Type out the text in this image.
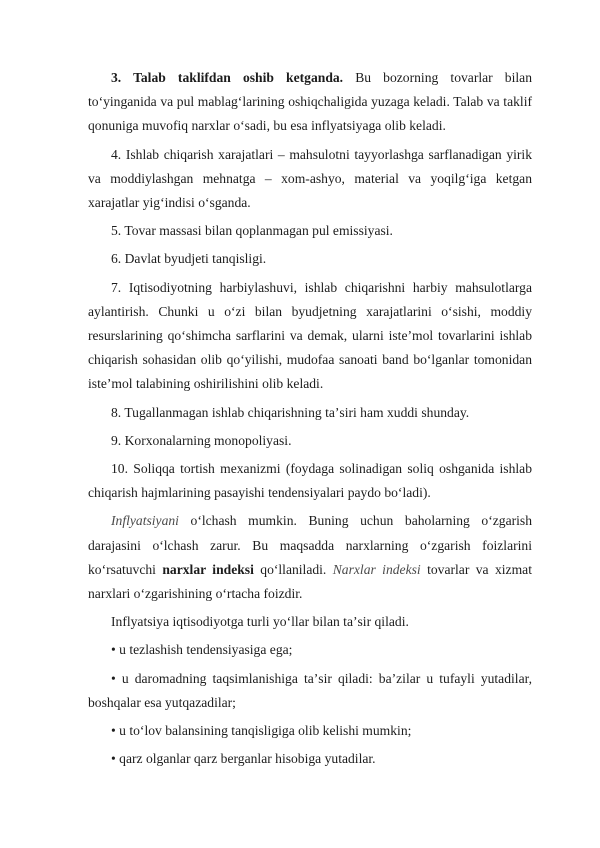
3. Talab taklifdan oshib ketganda. Bu bozorning tovarlar bilan toʻyinganida va pul mablagʻlarining oshiqchaligida yuzaga keladi. Talab va taklif qonuniga muvofiq narxlar oʻsadi, bu esa inflyatsiyaga olib keladi.

4. Ishlab chiqarish xarajatlari – mahsulotni tayyorlashga sarflanadigan yirik va moddiylashgan mehnatga – xom-ashyo, material va yoqilgʻiga ketgan xarajatlar yigʻindisi oʻsganda.

5. Tovar massasi bilan qoplanmagan pul emissiyasi.

6. Davlat byudjeti tanqisligi.

7. Iqtisodiyotning harbiylashuvi, ishlab chiqarishni harbiy mahsulotlarga aylantirish. Chunki u oʻzi bilan byudjetning xarajatlarini oʻsishi, moddiy resurslarining qoʻshimcha sarflarini va demak, ularni isteʼmol tovarlarini ishlab chiqarish sohasidan olib qoʻyilishi, mudofaa sanoati band boʻlganlar tomonidan isteʼmol talabining oshirilishini olib keladi.

8. Tugallanmagan ishlab chiqarishning taʼsiri ham xuddi shunday.

9. Korxonalarning monopoliyasi.

10. Soliqqa tortish mexanizmi (foydaga solinadigan soliq oshganida ishlab chiqarish hajmlarining pasayishi tendensiyalari paydo boʻladi).

Inflyatsiyani oʻlchash mumkin. Buning uchun baholarning oʻzgarish darajasini oʻlchash zarur. Bu maqsadda narxlarning oʻzgarish foizlarini koʻrsatuvchi narxlar indeksi qoʻllaniladi. Narxlar indeksi tovarlar va xizmat narxlari oʻzgarishining oʻrtacha foizdir.

Inflyatsiya iqtisodiyotga turli yoʻllar bilan taʼsir qiladi.

• u tezlashish tendensiyasiga ega;

• u daromadning taqsimlanishiga taʼsir qiladi: baʼzilar u tufayli yutadilar, boshqalar esa yutqazadilar;

• u toʻlov balansining tanqisligiga olib kelishi mumkin;

• qarz olganlar qarz berganlar hisobiga yutadilar.
